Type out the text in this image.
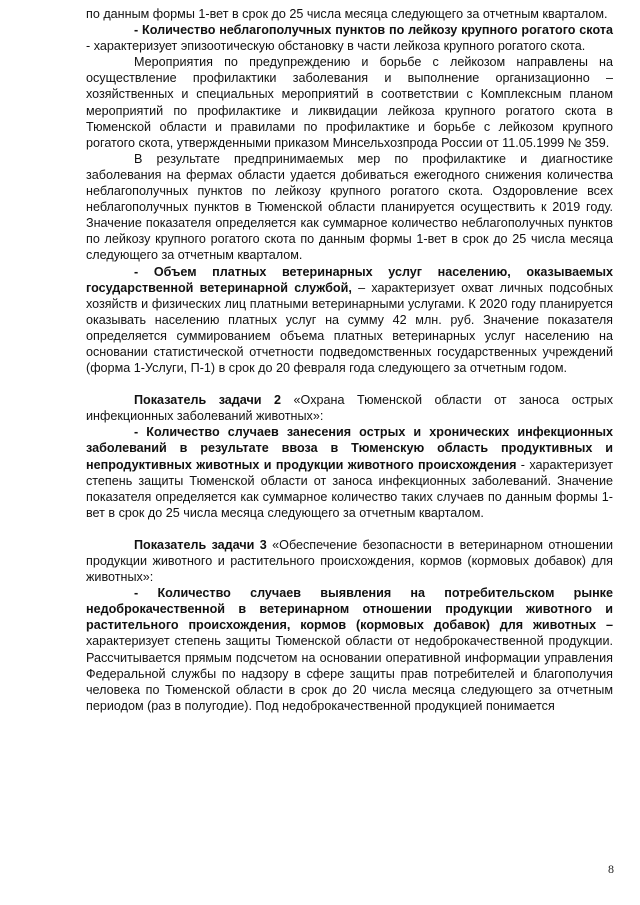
по данным формы 1-вет в срок до 25 числа месяца следующего за отчетным кварталом.

- Количество неблагополучных пунктов по лейкозу крупного рогатого скота - характеризует эпизоотическую обстановку в части лейкоза крупного рогатого скота.

Мероприятия по предупреждению и борьбе с лейкозом направлены на осуществление профилактики заболевания и выполнение организационно – хозяйственных и специальных мероприятий в соответствии с Комплексным планом мероприятий по профилактике и ликвидации лейкоза крупного рогатого скота в Тюменской области и правилами по профилактике и борьбе с лейкозом крупного рогатого скота, утвержденными приказом Минсельхозпрода России от 11.05.1999 № 359.

В результате предпринимаемых мер по профилактике и диагностике заболевания на фермах области удается добиваться ежегодного снижения количества неблагополучных пунктов по лейкозу крупного рогатого скота. Оздоровление всех неблагополучных пунктов в Тюменской области планируется осуществить к 2019 году. Значение показателя определяется как суммарное количество неблагополучных пунктов по лейкозу крупного рогатого скота по данным формы 1-вет в срок до 25 числа месяца следующего за отчетным кварталом.

- Объем платных ветеринарных услуг населению, оказываемых государственной ветеринарной службой, – характеризует охват личных подсобных хозяйств и физических лиц платными ветеринарными услугами. К 2020 году планируется оказывать населению платных услуг на сумму 42 млн. руб. Значение показателя определяется суммированием объема платных ветеринарных услуг населению на основании статистической отчетности подведомственных государственных учреждений (форма 1-Услуги, П-1) в срок до 20 февраля года следующего за отчетным годом.

Показатель задачи 2 «Охрана Тюменской области от заноса острых инфекционных заболеваний животных»:

- Количество случаев занесения острых и хронических инфекционных заболеваний в результате ввоза в Тюменскую область продуктивных и непродуктивных животных и продукции животного происхождения - характеризует степень защиты Тюменской области от заноса инфекционных заболеваний. Значение показателя определяется как суммарное количество таких случаев по данным формы 1-вет в срок до 25 числа месяца следующего за отчетным кварталом.

Показатель задачи 3 «Обеспечение безопасности в ветеринарном отношении продукции животного и растительного происхождения, кормов (кормовых добавок) для животных»:

- Количество случаев выявления на потребительском рынке недоброкачественной в ветеринарном отношении продукции животного и растительного происхождения, кормов (кормовых добавок) для животных – характеризует степень защиты Тюменской области от недоброкачественной продукции. Рассчитывается прямым подсчетом на основании оперативной информации управления Федеральной службы по надзору в сфере защиты прав потребителей и благополучия человека по Тюменской области в срок до 20 числа месяца следующего за отчетным периодом (раз в полугодие). Под недоброкачественной продукцией понимается

8
